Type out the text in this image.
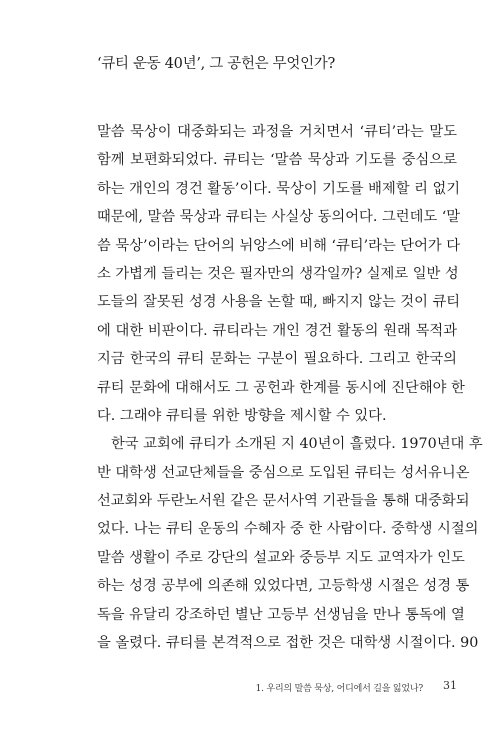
‘큐티 운동 40년’, 그 공헌은 무엇인가?
말씀 묵상이 대중화되는 과정을 거치면서 ‘큐티’라는 말도
함께 보편화되었다. 큐티는 ‘말씀 묵상과 기도를 중심으로
하는 개인의 경건 활동’이다. 묵상이 기도를 배제할 리 없기
때문에, 말씀 묵상과 큐티는 사실상 동의어다. 그런데도 ‘말
씀 묵상’이라는 단어의 뉘앙스에 비해 ‘큐티’라는 단어가 다
소 가볍게 들리는 것은 필자만의 생각일까? 실제로 일반 성
도들의 잘못된 성경 사용을 논할 때, 빠지지 않는 것이 큐티
에 대한 비판이다. 큐티라는 개인 경건 활동의 원래 목적과
지금 한국의 큐티 문화는 구분이 필요하다. 그리고 한국의
큐티 문화에 대해서도 그 공헌과 한계를 동시에 진단해야 한
다. 그래야 큐티를 위한 방향을 제시할 수 있다.
한국 교회에 큐티가 소개된 지 40년이 흘렀다. 1970년대 후
반 대학생 선교단체들을 중심으로 도입된 큐티는 성서유니온
선교회와 두란노서원 같은 문서사역 기관들을 통해 대중화되
었다. 나는 큐티 운동의 수혜자 중 한 사람이다. 중학생 시절의
말씀 생활이 주로 강단의 설교와 중등부 지도 교역자가 인도
하는 성경 공부에 의존해 있었다면, 고등학생 시절은 성경 통
독을 유달리 강조하던 별난 고등부 선생님을 만나 통독에 열
을 올렸다. 큐티를 본격적으로 접한 것은 대학생 시절이다. 90
1. 우리의 말씀 묵상, 어디에서 길을 잃었나? 31
